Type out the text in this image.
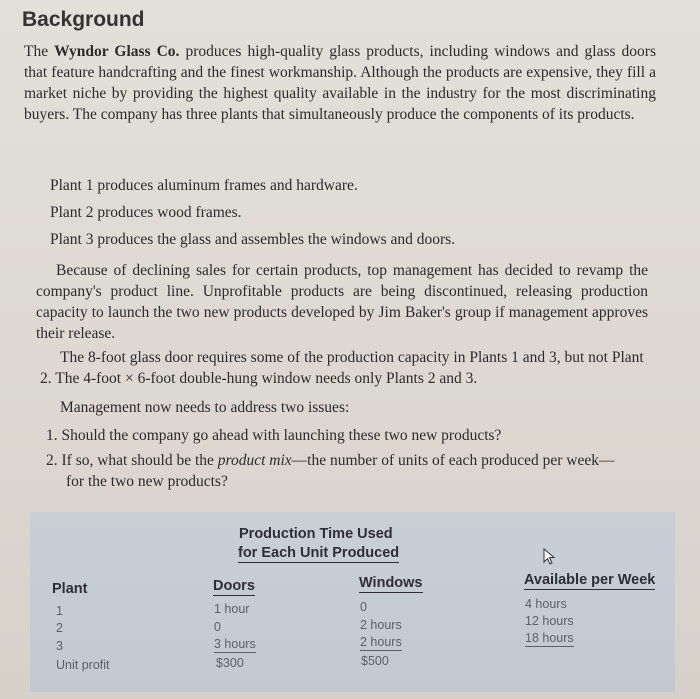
Background

The Wyndor Glass Co. produces high-quality glass products, including windows and glass doors that feature handcrafting and the finest workmanship. Although the products are expensive, they fill a market niche by providing the highest quality available in the industry for the most discriminating buyers. The company has three plants that simultaneously produce the components of its products.

Plant 1 produces aluminum frames and hardware.
Plant 2 produces wood frames.
Plant 3 produces the glass and assembles the windows and doors.

Because of declining sales for certain products, top management has decided to revamp the company's product line. Unprofitable products are being discontinued, releasing production capacity to launch the two new products developed by Jim Baker's group if management approves their release.

The 8-foot glass door requires some of the production capacity in Plants 1 and 3, but not Plant 2. The 4-foot × 6-foot double-hung window needs only Plants 2 and 3.

Management now needs to address two issues:

1. Should the company go ahead with launching these two new products?

2. If so, what should be the product mix—the number of units of each produced per week—
for the two new products?
Production Time Used
for Each Unit Produced
Plant	Doors	Windows	Available per Week
1	1 hour	0	4 hours
2	0	2 hours	12 hours
3	3 hours	2 hours	18 hours
Unit profit	$300	$500
